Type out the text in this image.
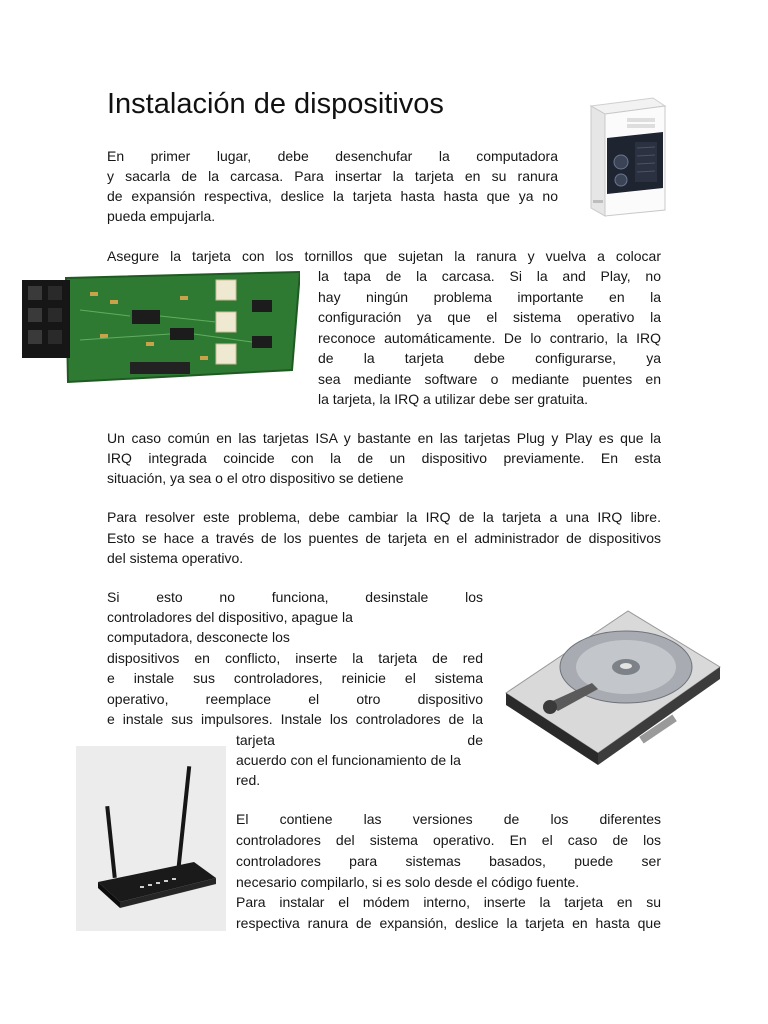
Instalación de dispositivos
En primer lugar, debe desenchufar la computadora
y sacarla de la carcasa. Para insertar la tarjeta en su ranura
de expansión respectiva, deslice la tarjeta hasta hasta que ya no
pueda empujarla.
Asegure la tarjeta con los tornillos que sujetan la ranura y vuelva a colocar
la tapa de la carcasa. Si la and Play, no
hay ningún problema importante en la
configuración ya que el sistema operativo la
reconoce automáticamente. De lo contrario, la IRQ
de la tarjeta debe configurarse, ya
sea mediante software o mediante puentes en
la tarjeta, la IRQ a utilizar debe ser gratuita.
Un caso común en las tarjetas ISA y bastante en las tarjetas Plug y Play es que la
IRQ integrada coincide con la de un dispositivo previamente. En esta
situación, ya sea o el otro dispositivo se detiene
Para resolver este problema, debe cambiar la IRQ de la tarjeta a una IRQ libre.
Esto se hace a través de los puentes de tarjeta en el administrador de dispositivos
del sistema operativo.
Si esto no funciona, desinstale los
controladores del dispositivo, apague la
computadora, desconecte los
dispositivos en conflicto, inserte la tarjeta de red
e instale sus controladores, reinicie el sistema
operativo, reemplace el otro dispositivo
e instale sus impulsores. Instale los controladores de la
tarjeta de
acuerdo con el funcionamiento de la
red.
El contiene las versiones de los diferentes
controladores del sistema operativo. En el caso de los
controladores para sistemas basados, puede ser
necesario compilarlo, si es solo desde el código fuente.
Para instalar el módem interno, inserte la tarjeta en su
respectiva ranura de expansión, deslice la tarjeta en hasta que
